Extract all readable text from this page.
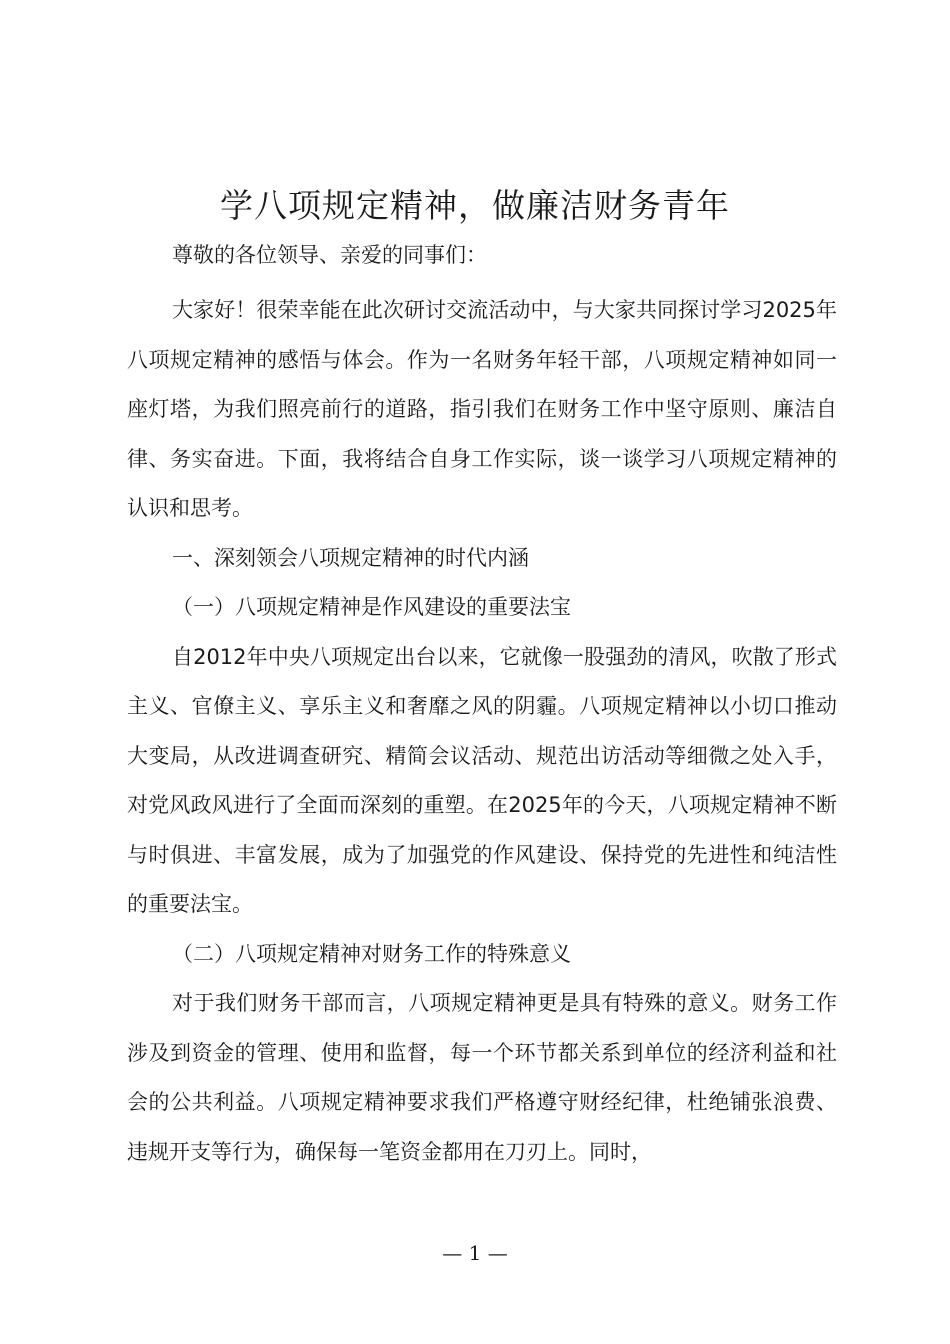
学八项规定精神，做廉洁财务青年

尊敬的各位领导、亲爱的同事们：

大家好！很荣幸能在此次研讨交流活动中，与大家共同探讨学习2025年八项规定精神的感悟与体会。作为一名财务年轻干部，八项规定精神如同一座灯塔，为我们照亮前行的道路，指引我们在财务工作中坚守原则、廉洁自律、务实奋进。下面，我将结合自身工作实际，谈一谈学习八项规定精神的认识和思考。

一、深刻领会八项规定精神的时代内涵

（一）八项规定精神是作风建设的重要法宝

自2012年中央八项规定出台以来，它就像一股强劲的清风，吹散了形式主义、官僚主义、享乐主义和奢靡之风的阴霾。八项规定精神以小切口推动大变局，从改进调查研究、精简会议活动、规范出访活动等细微之处入手，对党风政风进行了全面而深刻的重塑。在2025年的今天，八项规定精神不断与时俱进、丰富发展，成为了加强党的作风建设、保持党的先进性和纯洁性的重要法宝。

（二）八项规定精神对财务工作的特殊意义

对于我们财务干部而言，八项规定精神更是具有特殊的意义。财务工作涉及到资金的管理、使用和监督，每一个环节都关系到单位的经济利益和社会的公共利益。八项规定精神要求我们严格遵守财经纪律，杜绝铺张浪费、违规开支等行为，确保每一笔资金都用在刀刃上。同时，

— 1 —
